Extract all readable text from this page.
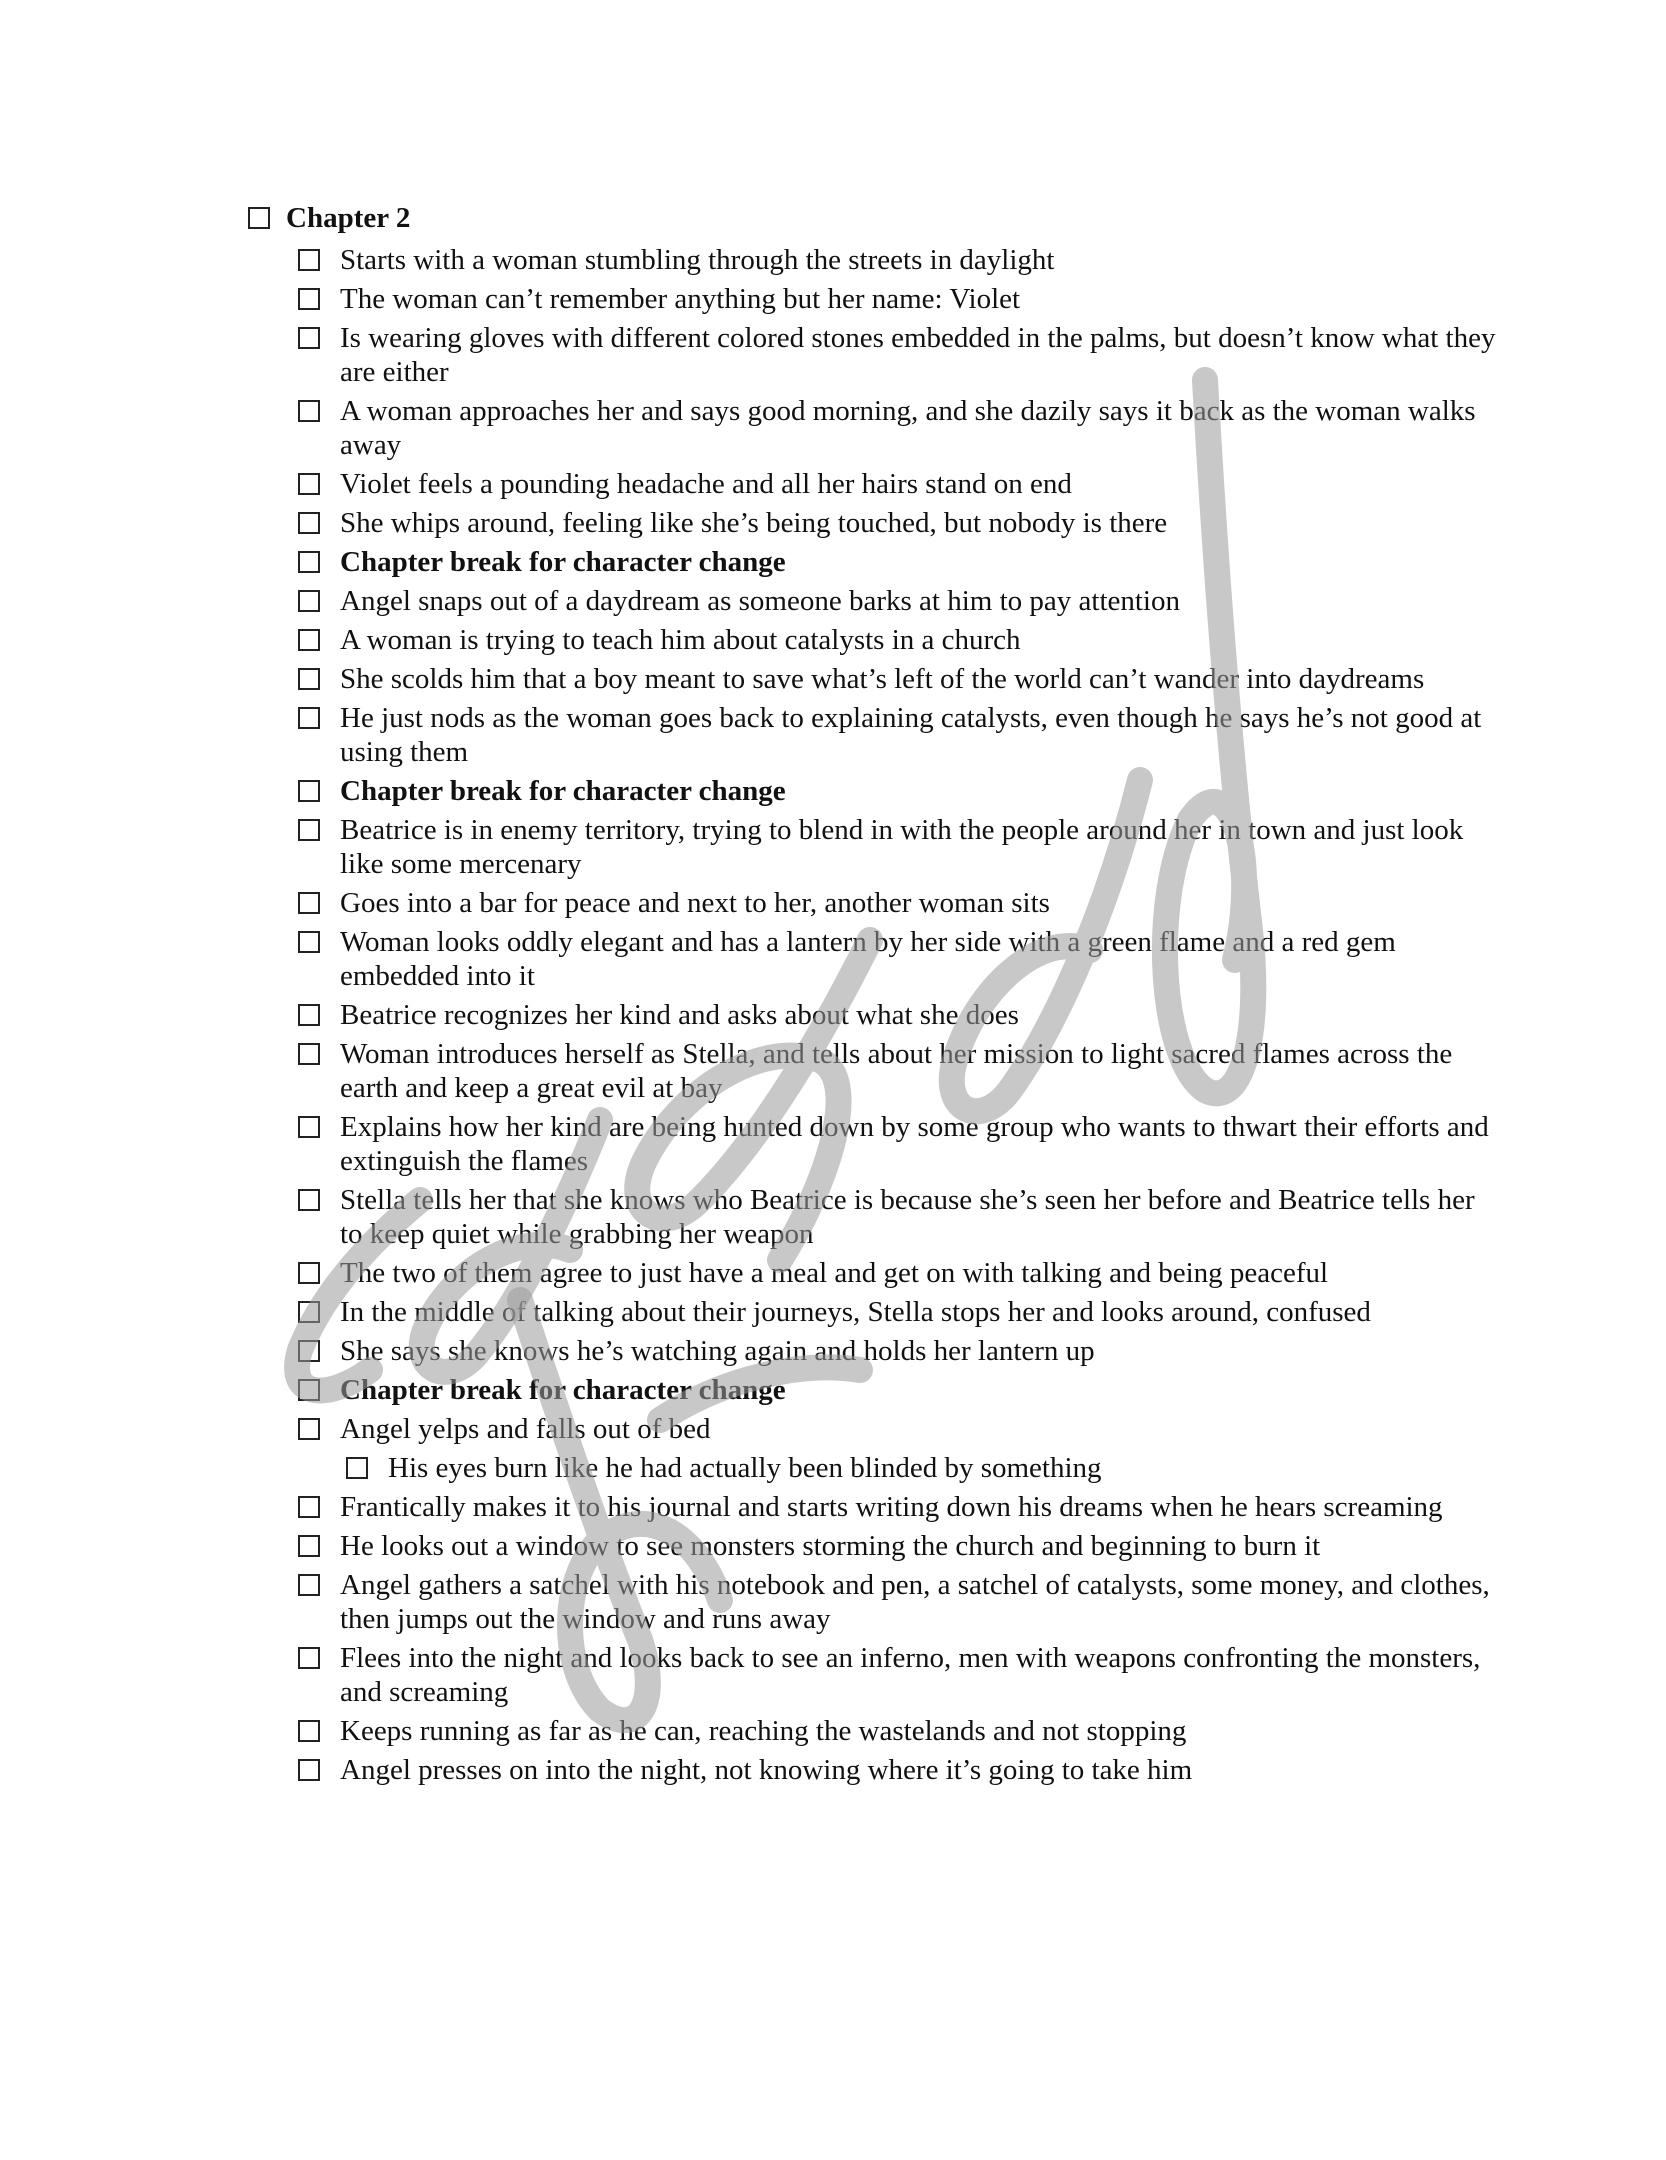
Chapter 2
Starts with a woman stumbling through the streets in daylight
The woman can’t remember anything but her name: Violet
Is wearing gloves with different colored stones embedded in the palms, but doesn’t know what they are either
A woman approaches her and says good morning, and she dazily says it back as the woman walks away
Violet feels a pounding headache and all her hairs stand on end
She whips around, feeling like she’s being touched, but nobody is there
Chapter break for character change
Angel snaps out of a daydream as someone barks at him to pay attention
A woman is trying to teach him about catalysts in a church
She scolds him that a boy meant to save what’s left of the world can’t wander into daydreams
He just nods as the woman goes back to explaining catalysts, even though he says he’s not good at using them
Chapter break for character change
Beatrice is in enemy territory, trying to blend in with the people around her in town and just look like some mercenary
Goes into a bar for peace and next to her, another woman sits
Woman looks oddly elegant and has a lantern by her side with a green flame and a red gem embedded into it
Beatrice recognizes her kind and asks about what she does
Woman introduces herself as Stella, and tells about her mission to light sacred flames across the earth and keep a great evil at bay
Explains how her kind are being hunted down by some group who wants to thwart their efforts and extinguish the flames
Stella tells her that she knows who Beatrice is because she’s seen her before and Beatrice tells her to keep quiet while grabbing her weapon
The two of them agree to just have a meal and get on with talking and being peaceful
In the middle of talking about their journeys, Stella stops her and looks around, confused
She says she knows he’s watching again and holds her lantern up
Chapter break for character change
Angel yelps and falls out of bed
His eyes burn like he had actually been blinded by something
Frantically makes it to his journal and starts writing down his dreams when he hears screaming
He looks out a window to see monsters storming the church and beginning to burn it
Angel gathers a satchel with his notebook and pen, a satchel of catalysts, some money, and clothes, then jumps out the window and runs away
Flees into the night and looks back to see an inferno, men with weapons confronting the monsters, and screaming
Keeps running as far as he can, reaching the wastelands and not stopping
Angel presses on into the night, not knowing where it’s going to take him
